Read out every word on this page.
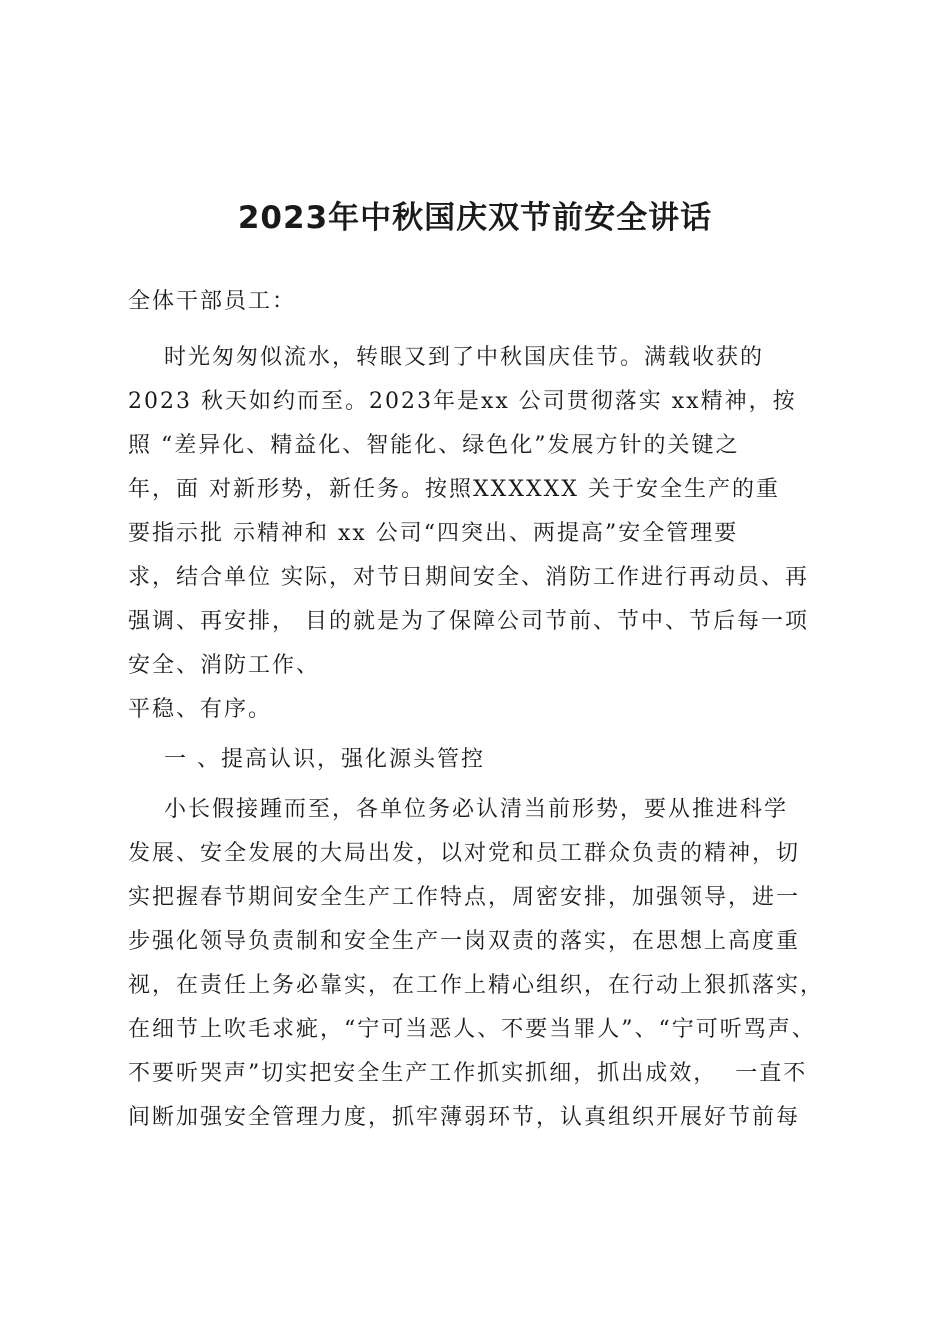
2023年中秋国庆双节前安全讲话
全体干部员工：
时光匆匆似流水，转眼又到了中秋国庆佳节。满载收获的
2023 秋天如约而至。2023年是xx 公司贯彻落实 xx精神，按
照 “差异化、精益化、智能化、绿色化”发展方针的关键之
年，面 对新形势，新任务。按照XXXXXX 关于安全生产的重
要指示批 示精神和 xx 公司“四突出、两提高”安全管理要
求，结合单位 实际，对节日期间安全、消防工作进行再动员、再
强调、再安排， 目的就是为了保障公司节前、节中、节后每一项
安全、消防工作、
平稳、有序。
一 、提高认识，强化源头管控
小长假接踵而至，各单位务必认清当前形势，要从推进科学
发展、安全发展的大局出发，以对党和员工群众负责的精神，切
实把握春节期间安全生产工作特点，周密安排，加强领导，进一
步强化领导负责制和安全生产一岗双责的落实，在思想上高度重
视，在责任上务必靠实，在工作上精心组织，在行动上狠抓落实，
在细节上吹毛求疵，“宁可当恶人、不要当罪人”、“宁可听骂声、
不要听哭声”切实把安全生产工作抓实抓细，抓出成效，  一直不
间断加强安全管理力度，抓牢薄弱环节，认真组织开展好节前每
